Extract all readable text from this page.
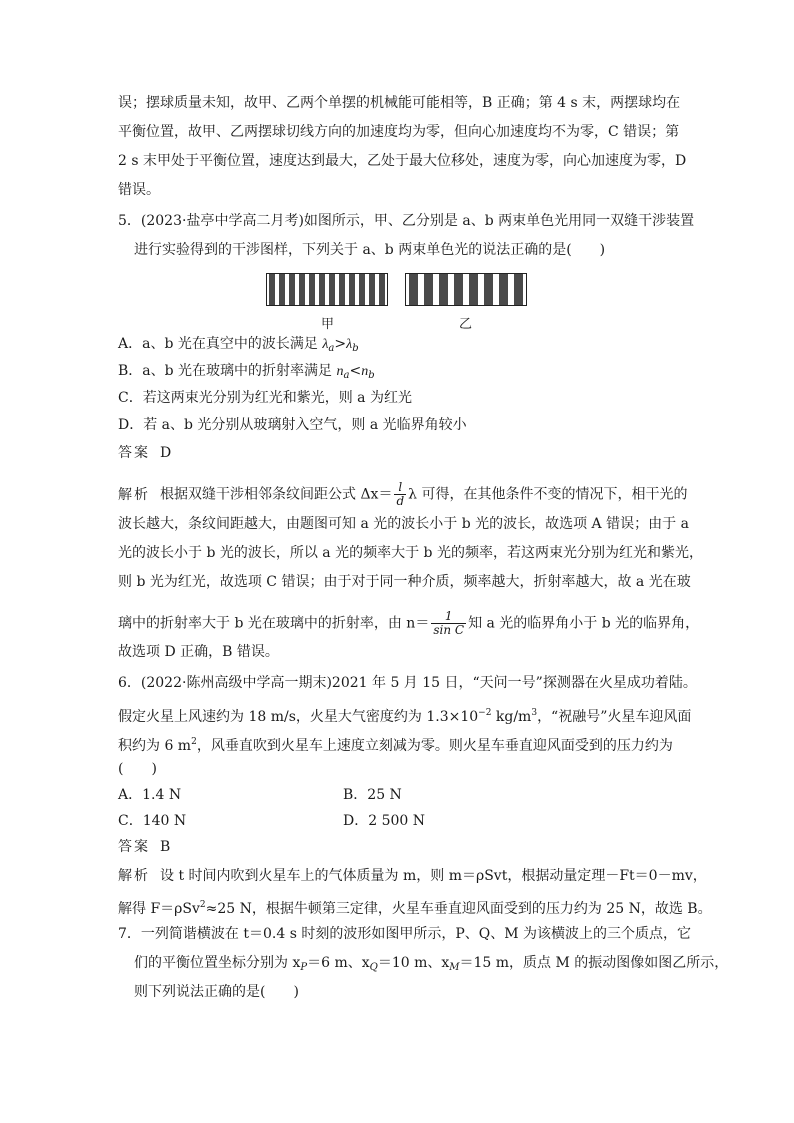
误；摆球质量未知，故甲、乙两个单摆的机械能可能相等，B 正确；第 4 s 末，两摆球均在
平衡位置，故甲、乙两摆球切线方向的加速度均为零，但向心加速度均不为零，C 错误；第
2 s 末甲处于平衡位置，速度达到最大，乙处于最大位移处，速度为零，向心加速度为零，D
错误。
5．(2023·盐亭中学高二月考)如图所示，甲、乙分别是 a、b 两束单色光用同一双缝干涉装置
进行实验得到的干涉图样，下列关于 a、b 两束单色光的说法正确的是(　　)
甲	乙
A．a、b 光在真空中的波长满足 $\lambda_a>\lambda_b$
B．a、b 光在玻璃中的折射率满足 $n_a<n_b$
C．若这两束光分别为红光和紫光，则 a 为红光
D．若 a、b 光分别从玻璃射入空气，则 a 光临界角较小
答案 D
解析 根据双缝干涉相邻条纹间距公式 $\Delta x= \frac{l}{d}$ λ 可得，在其他条件不变的情况下，相干光的
波长越大，条纹间距越大，由题图可知 a 光的波长小于 b 光的波长，故选项 A 错误；由于 a
光的波长小于 b 光的波长，所以 a 光的频率大于 b 光的频率，若这两束光分别为红光和紫光，
则 b 光为红光，故选项 C 错误；由于对于同一种介质，频率越大，折射率越大，故 a 光在玻
璃中的折射率大于 b 光在玻璃中的折射率，由 $n= \frac{1}{\text{sin C}}$ 知 a 光的临界角小于 b 光的临界角，
故选项 D 正确，B 错误。
6．(2022·陈州高级中学高一期末)2021 年 5 月 15 日，“天问一号”探测器在火星成功着陆。
假定火星上风速约为 18 m/s，火星大气密度约为 $1.3\times 10^{-2}$ $kg/m^3$，“祝融号”火星车迎风面
积约为 6 $m^2$，风垂直吹到火星车上速度立刻减为零。则火星车垂直迎风面受到的压力约为
(　　)
A．1.4 N	B．25 N
C．140 N	D．2 500 N
答案 B
解析 设 t 时间内吹到火星车上的气体质量为 m，则 m＝ρSvt，根据动量定理－Ft＝0－mv，
解得 F＝ρSv$^2$≈25 N，根据牛顿第三定律，火星车垂直迎风面受到的压力约为 25 N，故选 B。
7．一列简谐横波在 t＝0.4 s 时刻的波形如图甲所示，P、Q、M 为该横波上的三个质点，它
们的平衡位置坐标分别为 $x_P=6$ m、$x_Q=10$ m、$x_M=15$ m，质点 M 的振动图像如图乙所示，
则下列说法正确的是(　　)
